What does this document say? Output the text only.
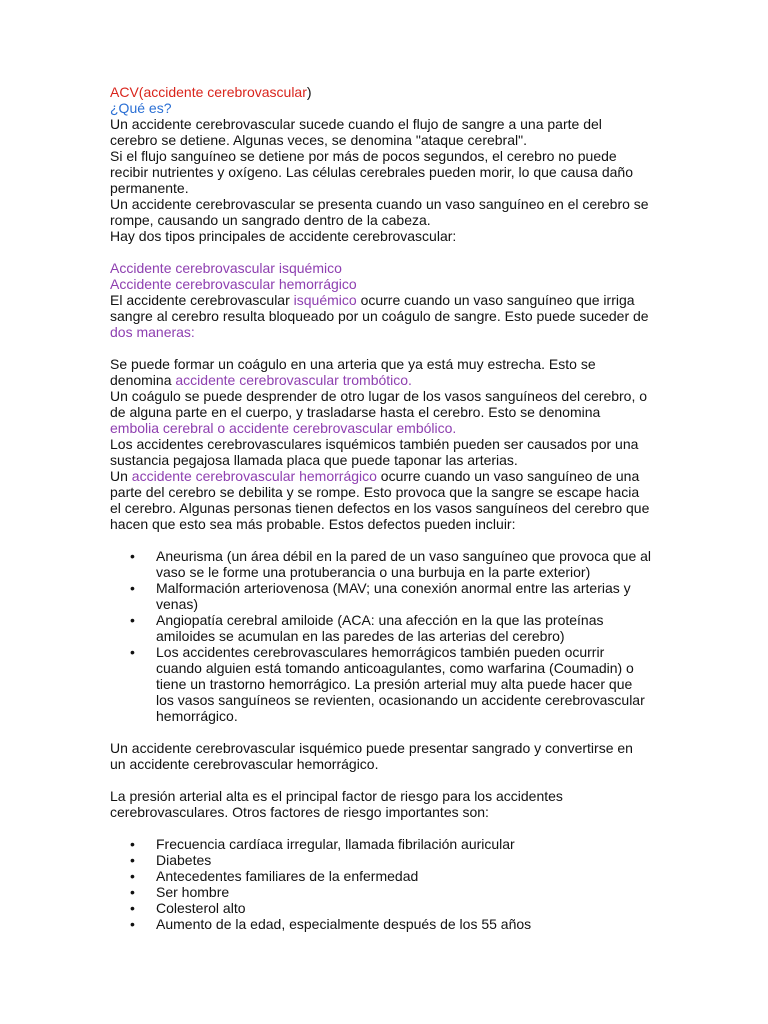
ACV(accidente cerebrovascular)
¿Qué es?
Un accidente cerebrovascular sucede cuando el flujo de sangre a una parte del
cerebro se detiene. Algunas veces, se denomina "ataque cerebral".
Si el flujo sanguíneo se detiene por más de pocos segundos, el cerebro no puede
recibir nutrientes y oxígeno. Las células cerebrales pueden morir, lo que causa daño
permanente.
Un accidente cerebrovascular se presenta cuando un vaso sanguíneo en el cerebro se
rompe, causando un sangrado dentro de la cabeza.
Hay dos tipos principales de accidente cerebrovascular:
Accidente cerebrovascular isquémico
Accidente cerebrovascular hemorrágico
El accidente cerebrovascular isquémico ocurre cuando un vaso sanguíneo que irriga
sangre al cerebro resulta bloqueado por un coágulo de sangre. Esto puede suceder de
dos maneras:
Se puede formar un coágulo en una arteria que ya está muy estrecha. Esto se
denomina accidente cerebrovascular trombótico.
Un coágulo se puede desprender de otro lugar de los vasos sanguíneos del cerebro, o
de alguna parte en el cuerpo, y trasladarse hasta el cerebro. Esto se denomina
embolia cerebral o accidente cerebrovascular embólico.
Los accidentes cerebrovasculares isquémicos también pueden ser causados por una
sustancia pegajosa llamada placa que puede taponar las arterias.
Un accidente cerebrovascular hemorrágico ocurre cuando un vaso sanguíneo de una
parte del cerebro se debilita y se rompe. Esto provoca que la sangre se escape hacia
el cerebro. Algunas personas tienen defectos en los vasos sanguíneos del cerebro que
hacen que esto sea más probable. Estos defectos pueden incluir:
• Aneurisma (un área débil en la pared de un vaso sanguíneo que provoca que al
vaso se le forme una protuberancia o una burbuja en la parte exterior)
• Malformación arteriovenosa (MAV; una conexión anormal entre las arterias y
venas)
• Angiopatía cerebral amiloide (ACA: una afección en la que las proteínas
amiloides se acumulan en las paredes de las arterias del cerebro)
• Los accidentes cerebrovasculares hemorrágicos también pueden ocurrir
cuando alguien está tomando anticoagulantes, como warfarina (Coumadin) o
tiene un trastorno hemorrágico. La presión arterial muy alta puede hacer que
los vasos sanguíneos se revienten, ocasionando un accidente cerebrovascular
hemorrágico.
Un accidente cerebrovascular isquémico puede presentar sangrado y convertirse en
un accidente cerebrovascular hemorrágico.
La presión arterial alta es el principal factor de riesgo para los accidentes
cerebrovasculares. Otros factores de riesgo importantes son:
• Frecuencia cardíaca irregular, llamada fibrilación auricular
• Diabetes
• Antecedentes familiares de la enfermedad
• Ser hombre
• Colesterol alto
• Aumento de la edad, especialmente después de los 55 años
